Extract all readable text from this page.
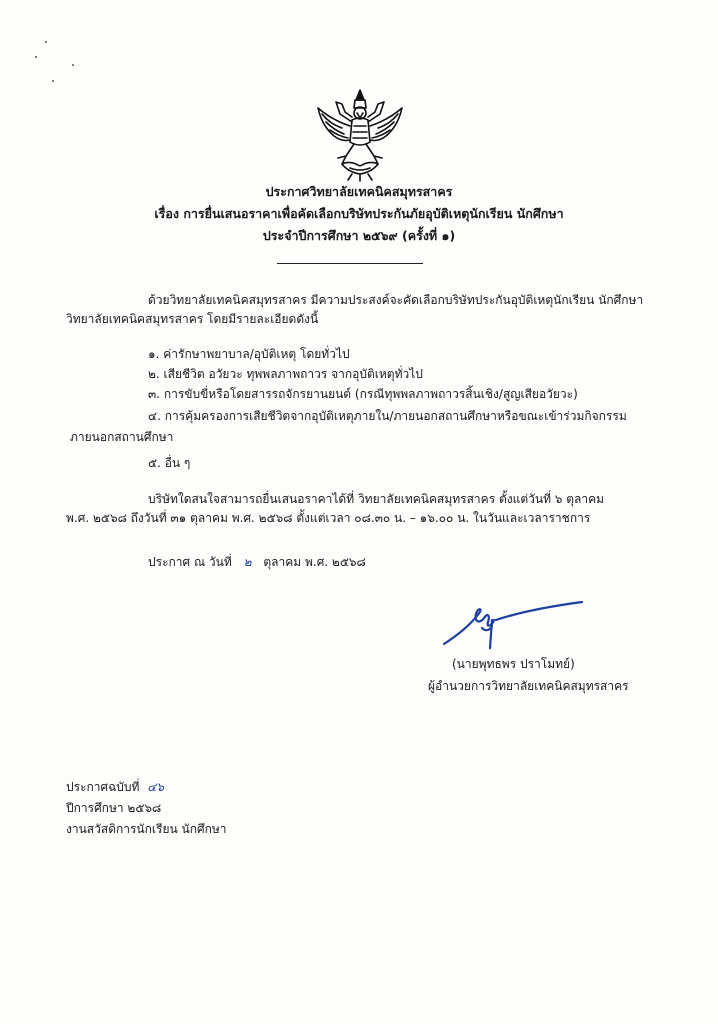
ประกาศวิทยาลัยเทคนิคสมุทรสาคร
เรื่อง การยื่นเสนอราคาเพื่อคัดเลือกบริษัทประกันภัยอุบัติเหตุนักเรียน นักศึกษา
ประจำปีการศึกษา ๒๕๖๙ (ครั้งที่ ๑)
ด้วยวิทยาลัยเทคนิคสมุทรสาคร มีความประสงค์จะคัดเลือกบริษัทประกันอุบัติเหตุนักเรียน นักศึกษา
วิทยาลัยเทคนิคสมุทรสาคร โดยมีรายละเอียดดังนี้
๑. ค่ารักษาพยาบาล/อุบัติเหตุ โดยทั่วไป
๒. เสียชีวิต อวัยวะ ทุพพลภาพถาวร จากอุบัติเหตุทั่วไป
๓. การขับขี่หรือโดยสารรถจักรยานยนต์ (กรณีทุพพลภาพถาวรสิ้นเชิง/สูญเสียอวัยวะ)
๔. การคุ้มครองการเสียชีวิตจากอุบัติเหตุภายใน/ภายนอกสถานศึกษาหรือขณะเข้าร่วมกิจกรรม
ภายนอกสถานศึกษา
๕. อื่น ๆ
บริษัทใดสนใจสามารถยื่นเสนอราคาได้ที่ วิทยาลัยเทคนิคสมุทรสาคร ตั้งแต่วันที่ ๖ ตุลาคม
พ.ศ. ๒๕๖๘ ถึงวันที่ ๓๑ ตุลาคม พ.ศ. ๒๕๖๘ ตั้งแต่เวลา ๐๘.๓๐ น. – ๑๖.๐๐ น. ในวันและเวลาราชการ
ประกาศ ณ วันที่ ๒ ตุลาคม พ.ศ. ๒๕๖๘
(นายพุทธพร ปราโมทย์)
ผู้อำนวยการวิทยาลัยเทคนิคสมุทรสาคร
ประกาศฉบับที่ ๔๖
ปีการศึกษา ๒๕๖๘
งานสวัสดิการนักเรียน นักศึกษา
